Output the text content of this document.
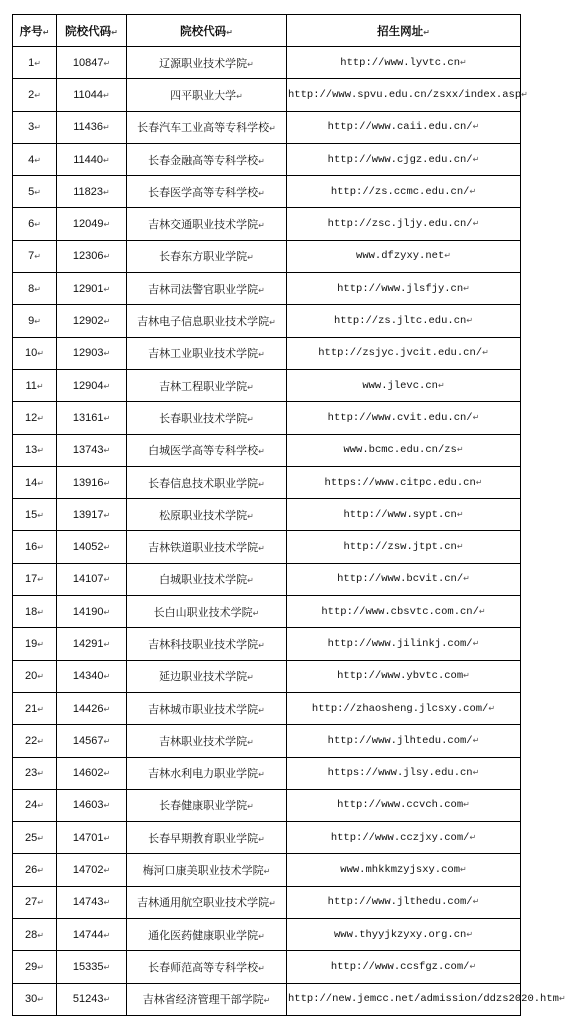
序号↵	院校代码↵	院校代码↵	招生网址↵
1↵	10847↵	辽源职业技术学院↵	http://www.lyvtc.cn↵
2↵	11044↵	四平职业大学↵	http://www.spvu.edu.cn/zsxx/index.asp↵
3↵	11436↵	长春汽车工业高等专科学校↵	http://www.caii.edu.cn/↵
4↵	11440↵	长春金融高等专科学校↵	http://www.cjgz.edu.cn/↵
5↵	11823↵	长春医学高等专科学校↵	http://zs.ccmc.edu.cn/↵
6↵	12049↵	吉林交通职业技术学院↵	http://zsc.jljy.edu.cn/↵
7↵	12306↵	长春东方职业学院↵	www.dfzyxy.net↵
8↵	12901↵	吉林司法警官职业学院↵	http://www.jlsfjy.cn↵
9↵	12902↵	吉林电子信息职业技术学院↵	http://zs.jltc.edu.cn↵
10↵	12903↵	吉林工业职业技术学院↵	http://zsjyc.jvcit.edu.cn/↵
11↵	12904↵	吉林工程职业学院↵	www.jlevc.cn↵
12↵	13161↵	长春职业技术学院↵	http://www.cvit.edu.cn/↵
13↵	13743↵	白城医学高等专科学校↵	www.bcmc.edu.cn/zs↵
14↵	13916↵	长春信息技术职业学院↵	https://www.citpc.edu.cn↵
15↵	13917↵	松原职业技术学院↵	http://www.sypt.cn↵
16↵	14052↵	吉林铁道职业技术学院↵	http://zsw.jtpt.cn↵
17↵	14107↵	白城职业技术学院↵	http://www.bcvit.cn/↵
18↵	14190↵	长白山职业技术学院↵	http://www.cbsvtc.com.cn/↵
19↵	14291↵	吉林科技职业技术学院↵	http://www.jilinkj.com/↵
20↵	14340↵	延边职业技术学院↵	http://www.ybvtc.com↵
21↵	14426↵	吉林城市职业技术学院↵	http://zhaosheng.jlcsxy.com/↵
22↵	14567↵	吉林职业技术学院↵	http://www.jlhtedu.com/↵
23↵	14602↵	吉林水利电力职业学院↵	https://www.jlsy.edu.cn↵
24↵	14603↵	长春健康职业学院↵	http://www.ccvch.com↵
25↵	14701↵	长春早期教育职业学院↵	http://www.cczjxy.com/↵
26↵	14702↵	梅河口康美职业技术学院↵	www.mhkkmzyjsxy.com↵
27↵	14743↵	吉林通用航空职业技术学院↵	http://www.jlthedu.com/↵
28↵	14744↵	通化医药健康职业学院↵	www.thyyjkzyxy.org.cn↵
29↵	15335↵	长春师范高等专科学校↵	http://www.ccsfgz.com/↵
30↵	51243↵	吉林省经济管理干部学院↵	http://new.jemcc.net/admission/ddzs2020.htm↵
